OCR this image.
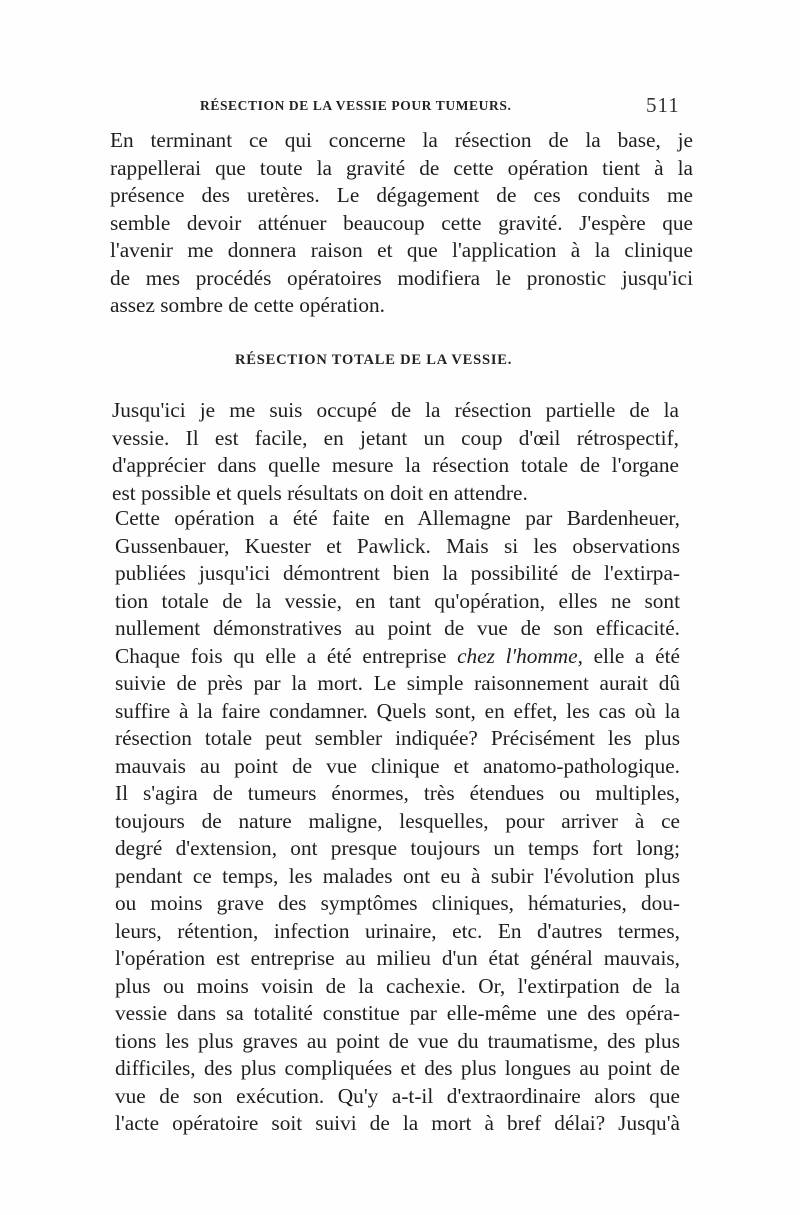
RÉSECTION DE LA VESSIE POUR TUMEURS.	511
En terminant ce qui concerne la résection de la base, je
rappellerai que toute la gravité de cette opération tient à la
présence des uretères. Le dégagement de ces conduits me
semble devoir atténuer beaucoup cette gravité. J'espère que
l'avenir me donnera raison et que l'application à la clinique
de mes procédés opératoires modifiera le pronostic jusqu'ici
assez sombre de cette opération.
RÉSECTION TOTALE DE LA VESSIE.
Jusqu'ici je me suis occupé de la résection partielle de la
vessie. Il est facile, en jetant un coup d'œil rétrospectif,
d'apprécier dans quelle mesure la résection totale de l'organe
est possible et quels résultats on doit en attendre.
Cette opération a été faite en Allemagne par Bardenheuer,
Gussenbauer, Kuester et Pawlick. Mais si les observations
publiées jusqu'ici démontrent bien la possibilité de l'extirpa-
tion totale de la vessie, en tant qu'opération, elles ne sont
nullement démonstratives au point de vue de son efficacité.
Chaque fois qu elle a été entreprise chez l'homme, elle a été
suivie de près par la mort. Le simple raisonnement aurait dû
suffire à la faire condamner. Quels sont, en effet, les cas où la
résection totale peut sembler indiquée? Précisément les plus
mauvais au point de vue clinique et anatomo-pathologique.
Il s'agira de tumeurs énormes, très étendues ou multiples,
toujours de nature maligne, lesquelles, pour arriver à ce
degré d'extension, ont presque toujours un temps fort long;
pendant ce temps, les malades ont eu à subir l'évolution plus
ou moins grave des symptômes cliniques, hématuries, dou-
leurs, rétention, infection urinaire, etc. En d'autres termes,
l'opération est entreprise au milieu d'un état général mauvais,
plus ou moins voisin de la cachexie. Or, l'extirpation de la
vessie dans sa totalité constitue par elle-même une des opéra-
tions les plus graves au point de vue du traumatisme, des plus
difficiles, des plus compliquées et des plus longues au point de
vue de son exécution. Qu'y a-t-il d'extraordinaire alors que
l'acte opératoire soit suivi de la mort à bref délai? Jusqu'à
